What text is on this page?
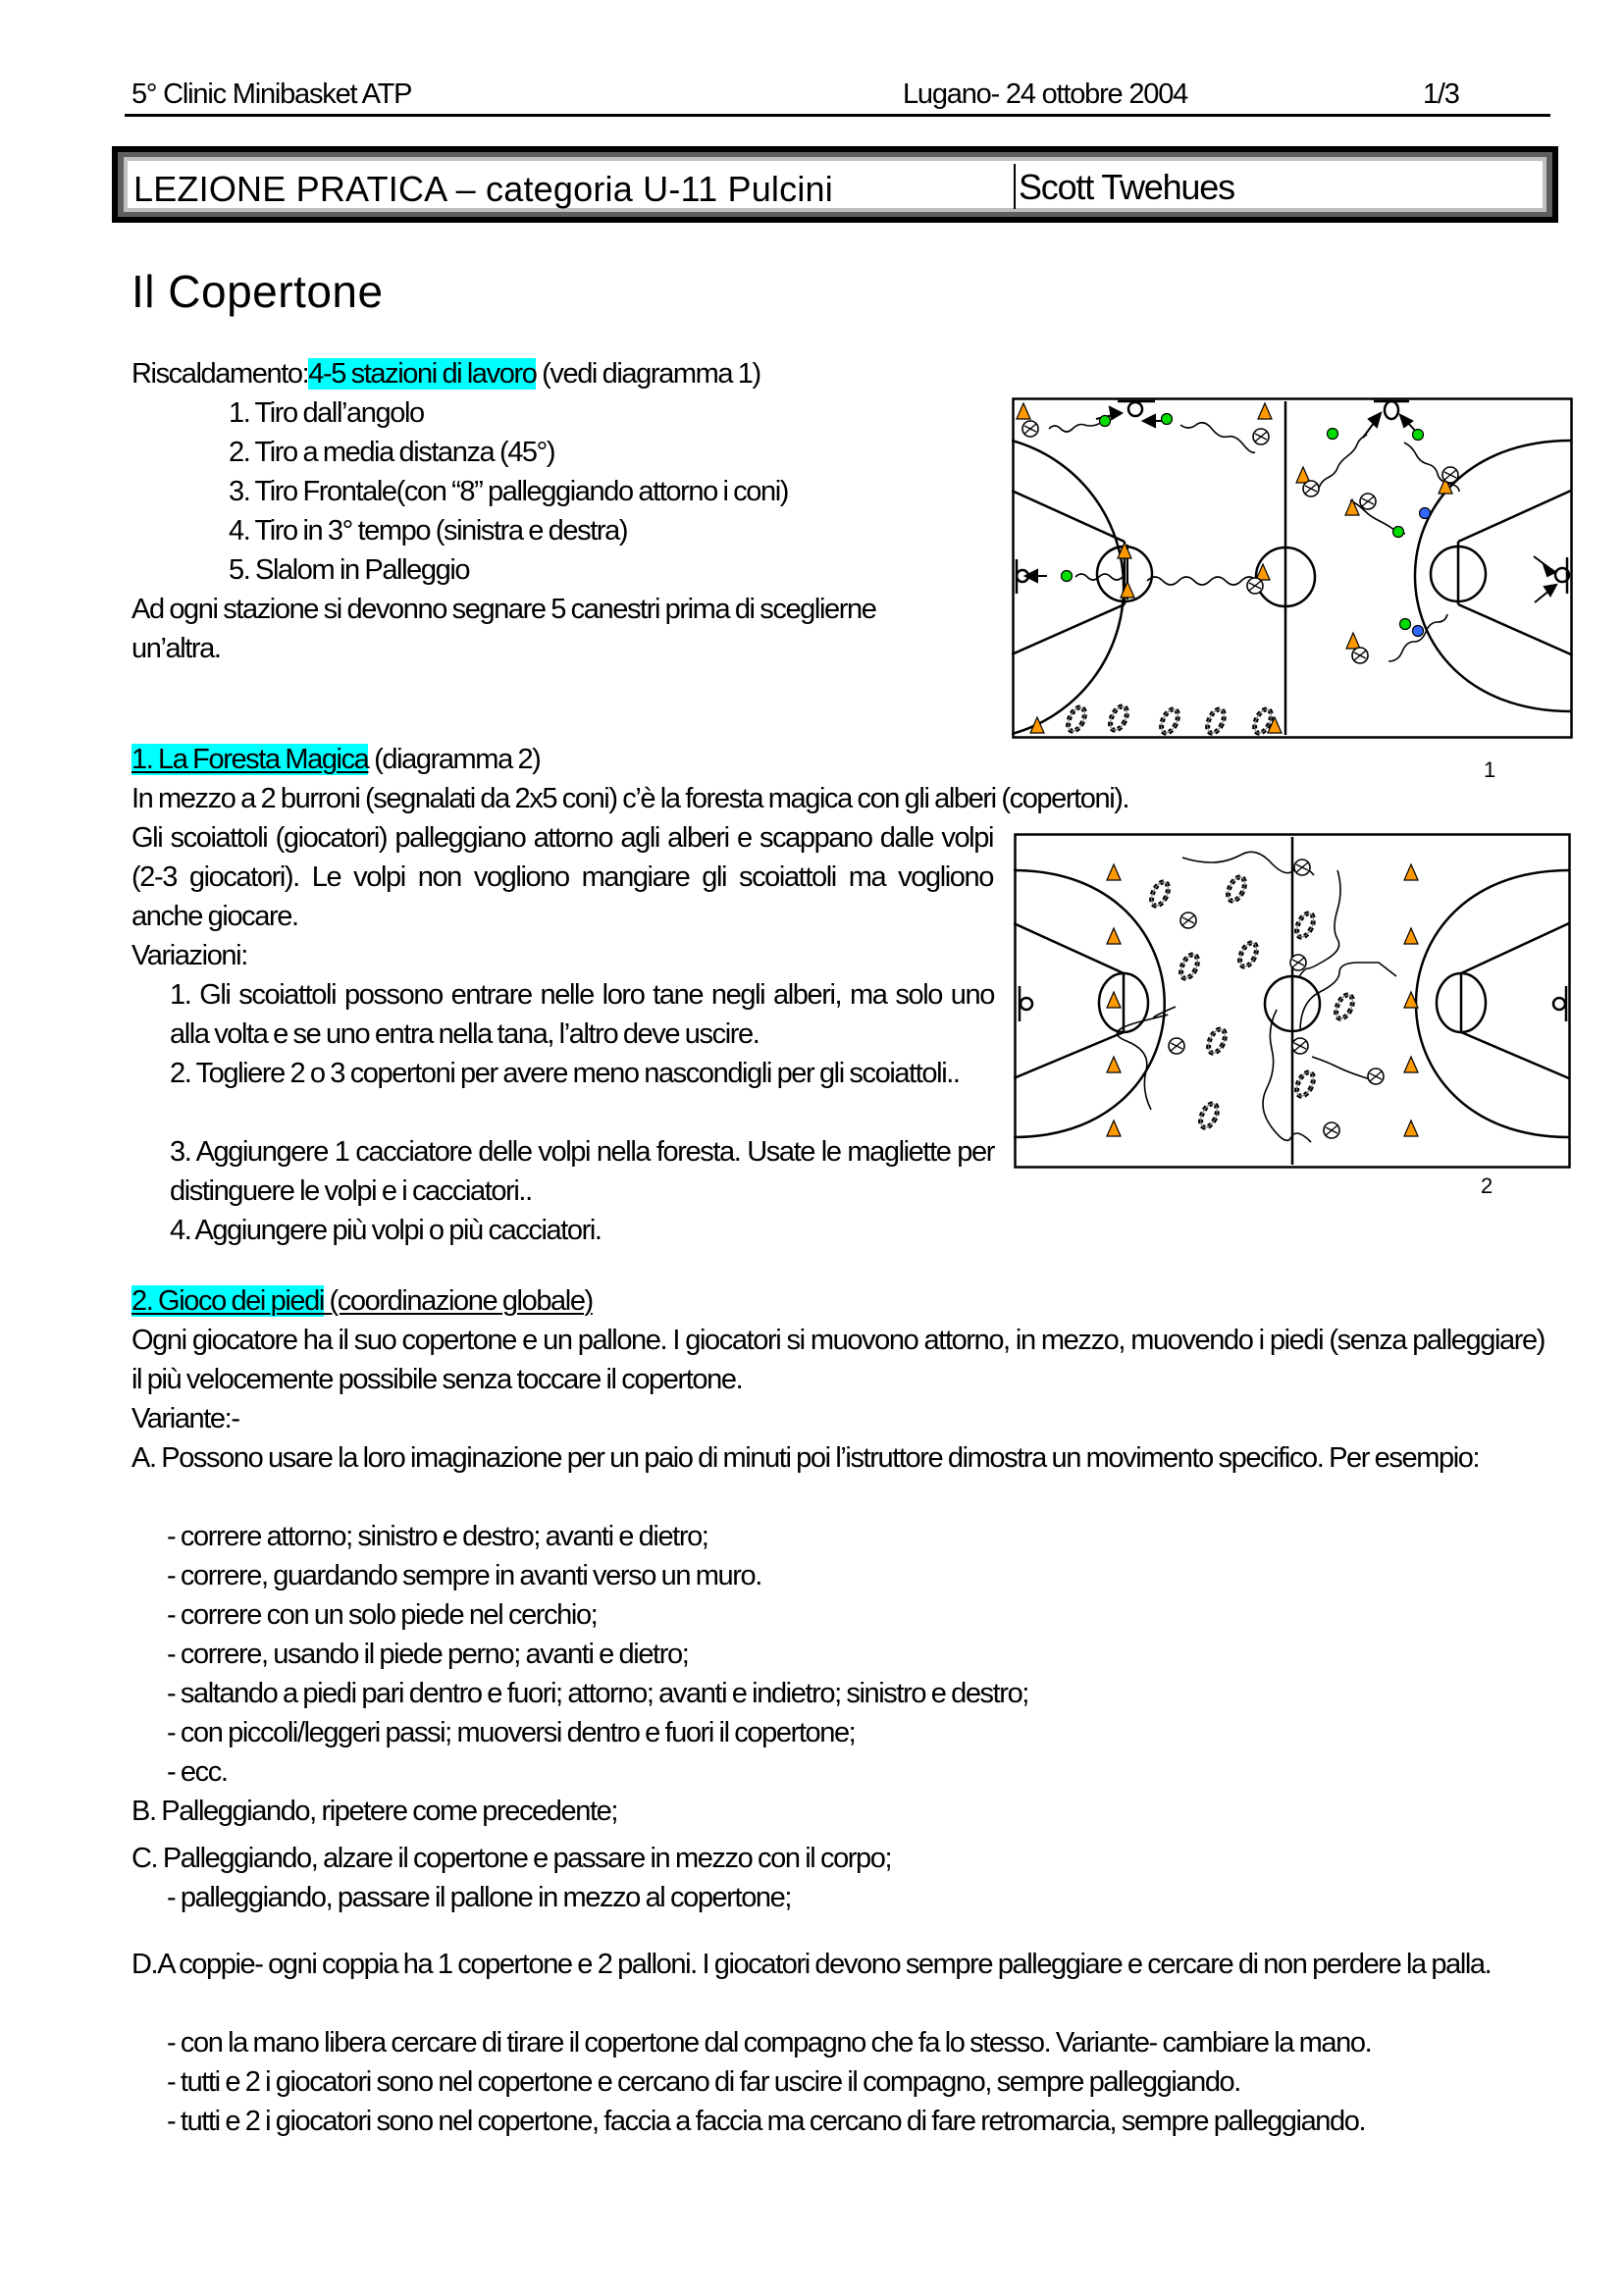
5° Clinic Minibasket ATP	Lugano- 24 ottobre 2004	1/3
LEZIONE PRATICA – categoria U-11 Pulcini	Scott Twehues
Il Copertone
Riscaldamento:4-5 stazioni di lavoro (vedi diagramma 1)
1. Tiro dall’angolo
2. Tiro a media distanza (45°)
3. Tiro Frontale(con “8” palleggiando attorno i coni)
4. Tiro in 3° tempo (sinistra e destra)
5. Slalom in Palleggio
Ad ogni stazione si devonno segnare 5 canestri prima di sceglierne
un’altra.
1
1. La Foresta Magica (diagramma 2)
In mezzo a 2 burroni (segnalati da 2x5 coni) c’è la foresta magica con gli alberi (copertoni).
Gli scoiattoli (giocatori) palleggiano attorno agli alberi e scappano dalle volpi (2-3 giocatori). Le volpi non vogliono mangiare gli scoiattoli ma vogliono anche giocare.
Variazioni:
1. Gli scoiattoli possono entrare nelle loro tane negli alberi, ma solo uno alla volta e se uno entra nella tana, l’altro deve uscire.
2. Togliere 2 o 3 copertoni per avere meno nascondigli per gli scoiattoli..
3. Aggiungere 1 cacciatore delle volpi nella foresta. Usate le magliette per distinguere le volpi e i cacciatori..
4. Aggiungere più volpi o più cacciatori.
2
2. Gioco dei piedi (coordinazione globale)
Ogni giocatore ha il suo copertone e un pallone. I giocatori si muovono attorno, in mezzo, muovendo i piedi (senza palleggiare) il più velocemente possibile senza toccare il copertone.
Variante:-
A. Possono usare la loro imaginazione per un paio di minuti poi l’istruttore dimostra un movimento specifico. Per esempio:
- correre attorno; sinistro e destro; avanti e dietro;
- correre, guardando sempre in avanti verso un muro.
- correre con un solo piede nel cerchio;
- correre, usando il piede perno; avanti e dietro;
- saltando a piedi pari dentro e fuori; attorno; avanti e indietro; sinistro e destro;
- con piccoli/leggeri passi; muoversi dentro e fuori il copertone;
- ecc.
B. Palleggiando, ripetere come precedente;
C. Palleggiando, alzare il copertone e passare in mezzo con il corpo;
- palleggiando, passare il pallone in mezzo al copertone;
D.A coppie- ogni coppia ha 1 copertone e 2 palloni. I giocatori devono sempre palleggiare e cercare di non perdere la palla.
- con la mano libera cercare di tirare il copertone dal compagno che fa lo stesso. Variante- cambiare la mano.
- tutti e 2 i giocatori sono nel copertone e cercano di far uscire il compagno, sempre palleggiando.
- tutti e 2 i giocatori sono nel copertone, faccia a faccia ma cercano di fare retromarcia, sempre palleggiando.
